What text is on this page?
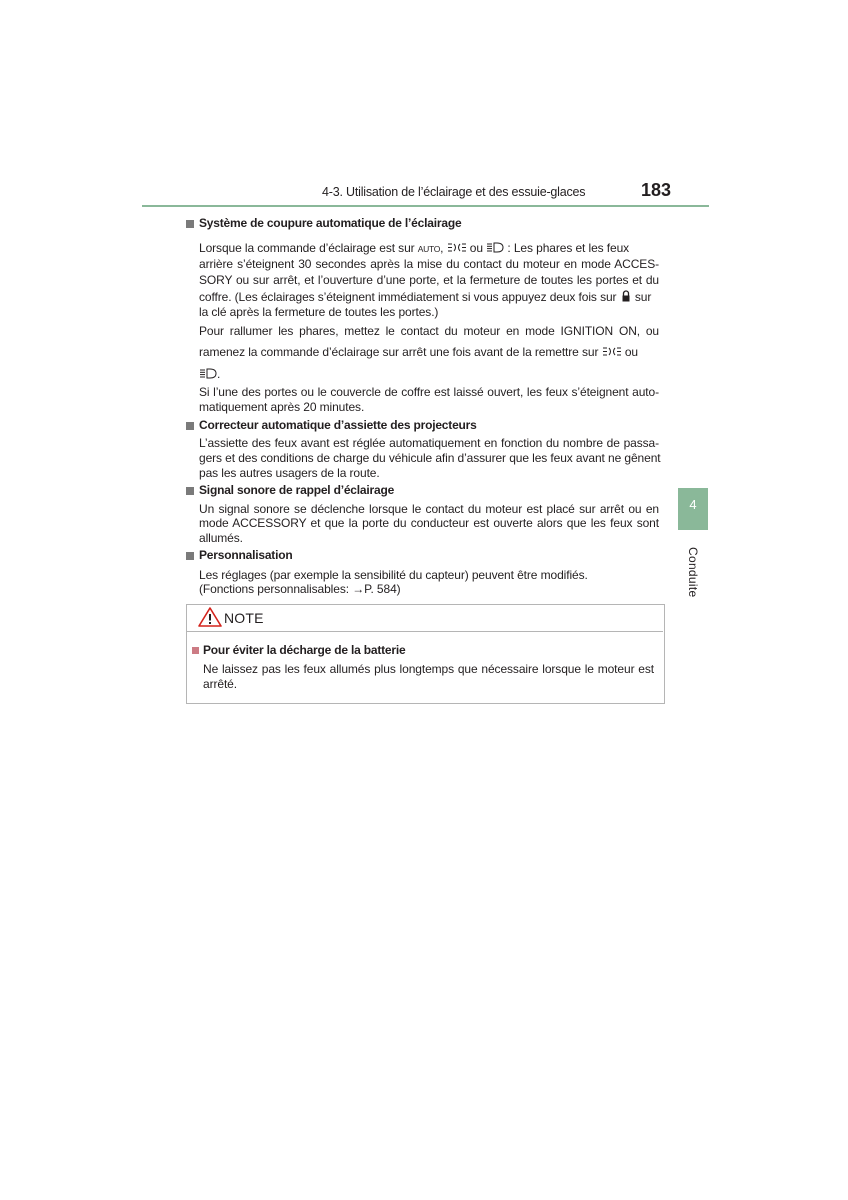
4-3. Utilisation de l’éclairage et des essuie-glaces	183
Système de coupure automatique de l’éclairage
Lorsque la commande d’éclairage est sur AUTO, ou : Les phares et les feux
arrière s’éteignent 30 secondes après la mise du contact du moteur en mode ACCES-
SORY ou sur arrêt, et l’ouverture d’une porte, et la fermeture de toutes les portes et du
coffre. (Les éclairages s’éteignent immédiatement si vous appuyez deux fois sur sur
la clé après la fermeture de toutes les portes.)
Pour rallumer les phares, mettez le contact du moteur en mode IGNITION ON, ou
ramenez la commande d’éclairage sur arrêt une fois avant de la remettre sur ou
.
Si l’une des portes ou le couvercle de coffre est laissé ouvert, les feux s’éteignent auto-
matiquement après 20 minutes.
Correcteur automatique d’assiette des projecteurs
L’assiette des feux avant est réglée automatiquement en fonction du nombre de passa-
gers et des conditions de charge du véhicule afin d’assurer que les feux avant ne gênent
pas les autres usagers de la route.
Signal sonore de rappel d’éclairage
Un signal sonore se déclenche lorsque le contact du moteur est placé sur arrêt ou en
mode ACCESSORY et que la porte du conducteur est ouverte alors que les feux sont
allumés.
Personnalisation
Les réglages (par exemple la sensibilité du capteur) peuvent être modifiés.
(Fonctions personnalisables: →P. 584)
4
Conduite
NOTE
Pour éviter la décharge de la batterie
Ne laissez pas les feux allumés plus longtemps que nécessaire lorsque le moteur est
arrêté.
